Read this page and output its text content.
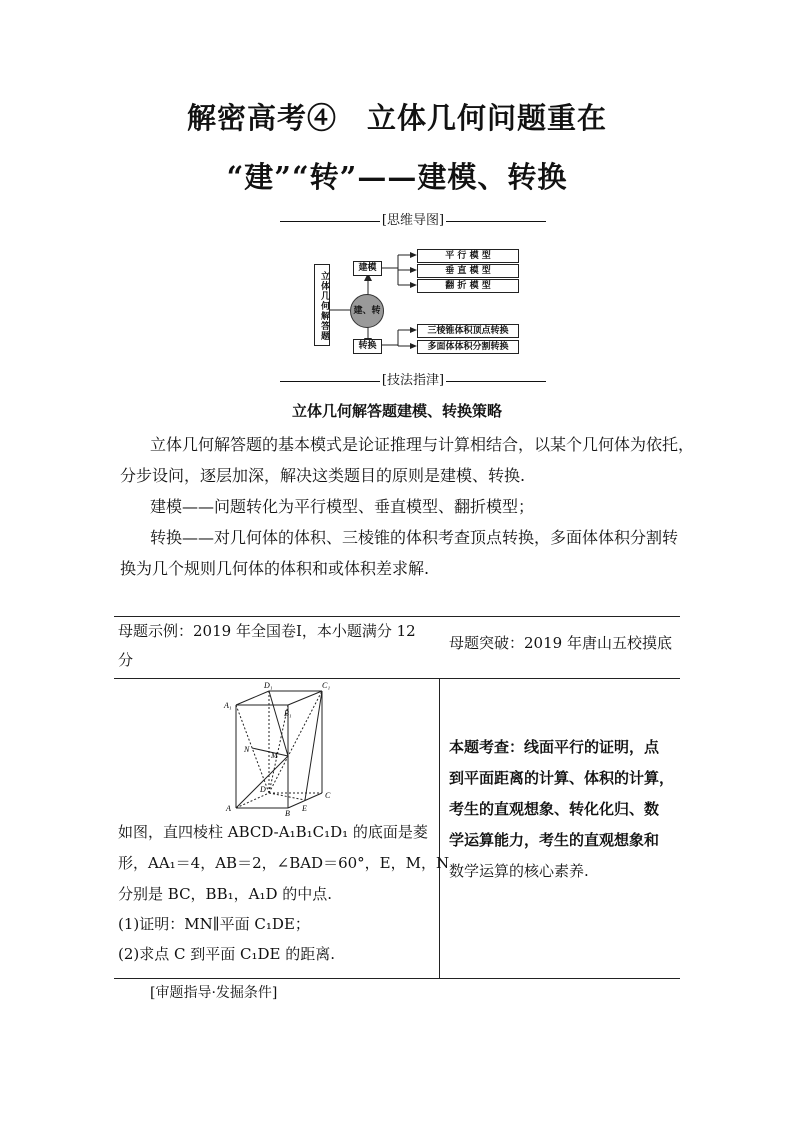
解密高考④　立体几何问题重在
“建”“转”——建模、转换
[思维导图]
立体几何解答题	建、转
建模
转换
平 行 模 型
垂 直 模 型
翻 折 模 型
三棱锥体积顶点转换
多面体体积分割转换
[技法指津]
立体几何解答题建模、转换策略
立体几何解答题的基本模式是论证推理与计算相结合，以某个几何体为依托，
分步设问，逐层加深，解决这类题目的原则是建模、转换.
建模——问题转化为平行模型、垂直模型、翻折模型；
转换——对几何体的体积、三棱锥的体积考查顶点转换，多面体体积分割转
换为几个规则几何体的体积和或体积差求解.
母题示例：2019 年全国卷Ⅰ，本小题满分 12
分
母题突破：2019 年唐山五校摸底
A₁
D₁	C₁
B₁
N
M
A
D
B
C
E
如图，直四棱柱 ABCD-A₁B₁C₁D₁ 的底面是菱
形，AA₁＝4，AB＝2，∠BAD＝60°，E，M，N
分别是 BC，BB₁，A₁D 的中点.
(1)证明：MN∥平面 C₁DE；
(2)求点 C 到平面 C₁DE 的距离.
本题考查：线面平行的证明，点
到平面距离的计算、体积的计算，
考生的直观想象、转化化归、数
学运算能力，考生的直观想象和
数学运算的核心素养.
[审题指导·发掘条件]
